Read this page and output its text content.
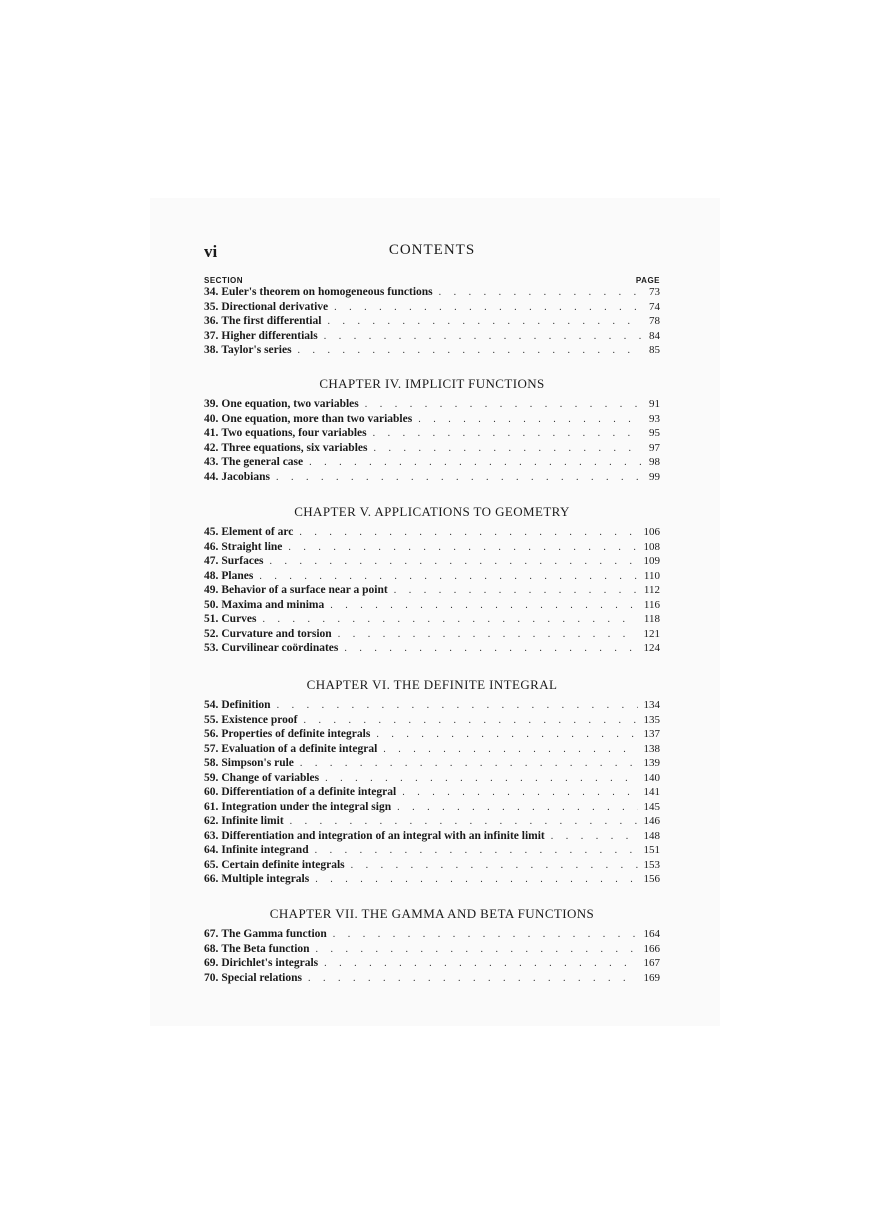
vi	CONTENTS
SECTION	PAGE
34. Euler's theorem on homogeneous functions . . .	73
35. Directional derivative . . .	74
36. The first differential . . .	78
37. Higher differentials . . .	84
38. Taylor's series . . .	85
CHAPTER IV. IMPLICIT FUNCTIONS
39. One equation, two variables . . .	91
40. One equation, more than two variables . . .	93
41. Two equations, four variables . . .	95
42. Three equations, six variables . . .	97
43. The general case . . .	98
44. Jacobians . . .	99
CHAPTER V. APPLICATIONS TO GEOMETRY
45. Element of arc . . .	106
46. Straight line . . .	108
47. Surfaces . . .	109
48. Planes . . .	110
49. Behavior of a surface near a point . . .	112
50. Maxima and minima . . .	116
51. Curves . . .	118
52. Curvature and torsion . . .	121
53. Curvilinear coördinates . . .	124
CHAPTER VI. THE DEFINITE INTEGRAL
54. Definition . . .	134
55. Existence proof . . .	135
56. Properties of definite integrals . . .	137
57. Evaluation of a definite integral . . .	138
58. Simpson's rule . . .	139
59. Change of variables . . .	140
60. Differentiation of a definite integral . . .	141
61. Integration under the integral sign . . .	145
62. Infinite limit . . .	146
63. Differentiation and integration of an integral with an infinite limit . . .	148
64. Infinite integrand . . .	151
65. Certain definite integrals . . .	153
66. Multiple integrals . . .	156
CHAPTER VII. THE GAMMA AND BETA FUNCTIONS
67. The Gamma function . . .	164
68. The Beta function . . .	166
69. Dirichlet's integrals . . .	167
70. Special relations . . .	169
